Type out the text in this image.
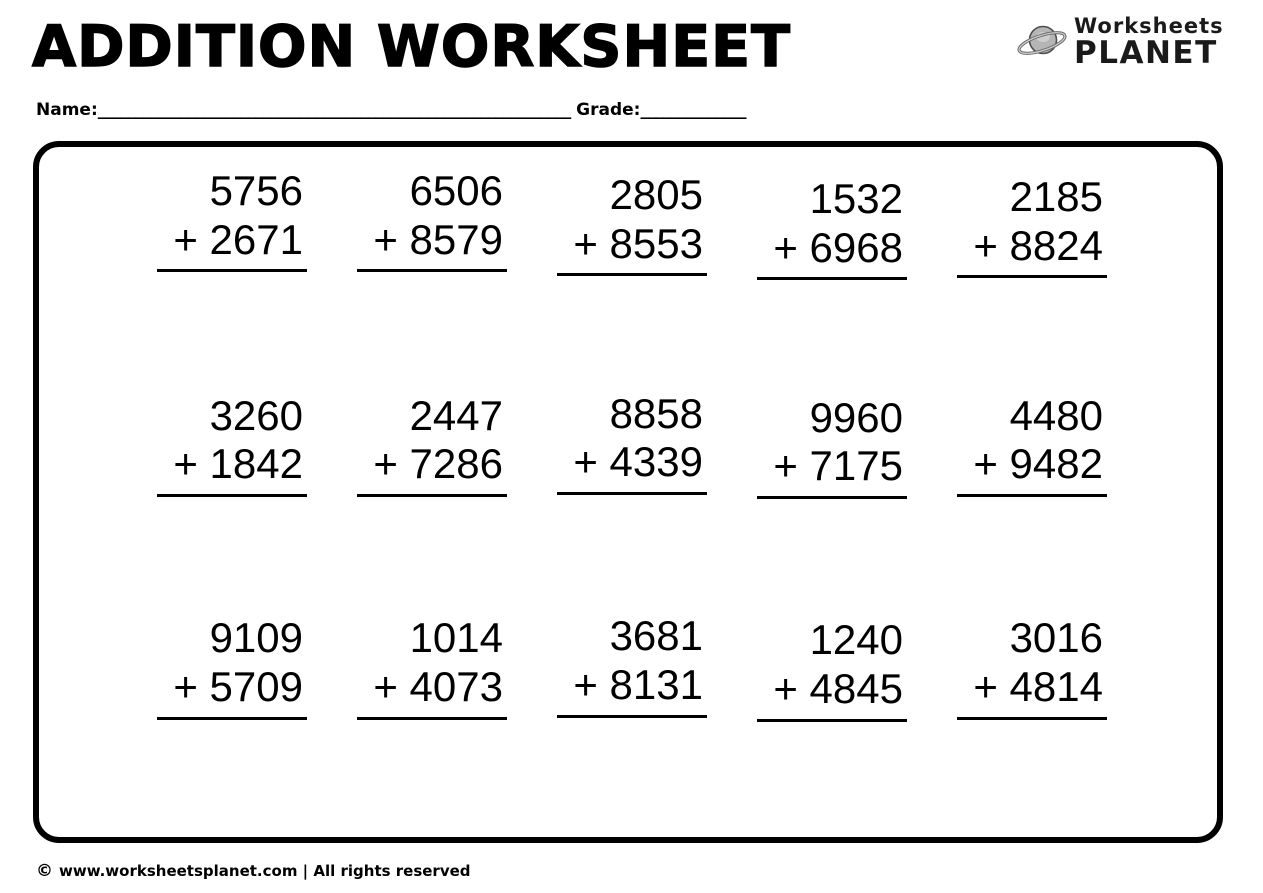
ADDITION WORKSHEET	Worksheets
PLANET
Name:_______________________________________________________________ Grade:______________
5756
+ 2671
6506
+ 8579
2805
+ 8553
1532
+ 6968
2185
+ 8824
3260
+ 1842
2447
+ 7286
8858
+ 4339
9960
+ 7175
4480
+ 9482
9109
+ 5709
1014
+ 4073
3681
+ 8131
1240
+ 4845
3016
+ 4814
© www.worksheetsplanet.com | All rights reserved
